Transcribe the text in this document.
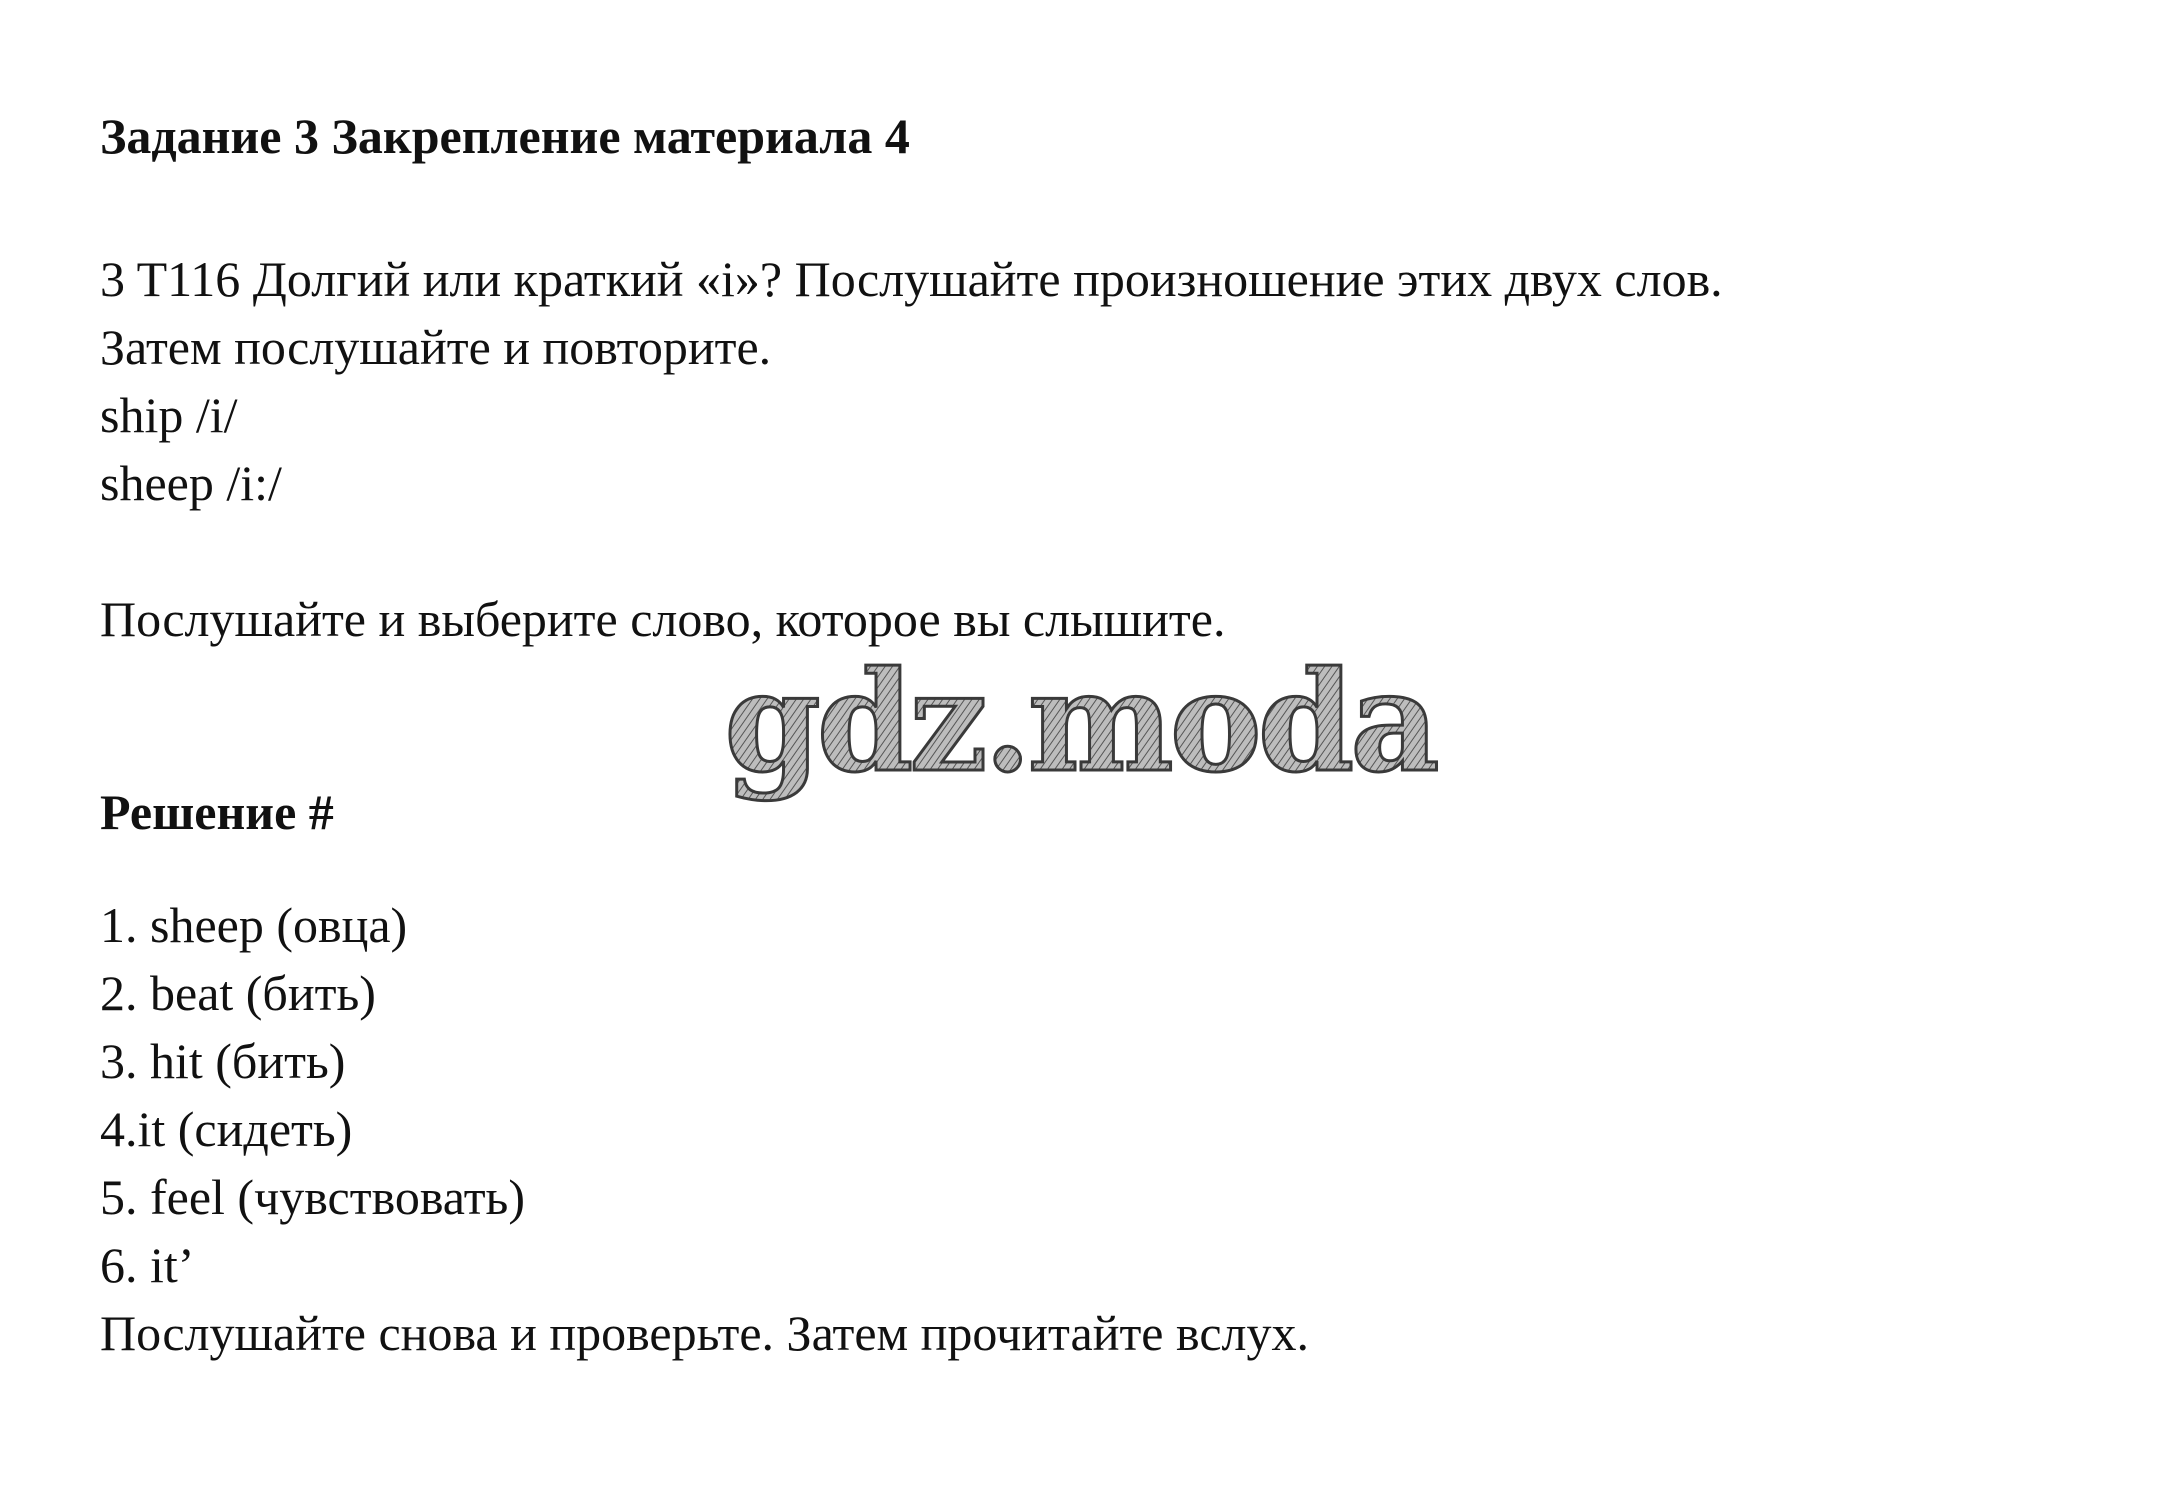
Задание 3 Закрепление материала 4

3 T116 Долгий или краткий «i»? Послушайте произношение этих двух слов.

Затем послушайте и повторите.

ship /i/

sheep /i:/

Послушайте и выберите слово, которое вы слышите.

gdz.moda
Решение #

1. sheep (овца)

2. beat (бить)

3. hit (бить)

4.it (сидеть)

5. feel (чувствовать)

6. it’

Послушайте снова и проверьте. Затем прочитайте вслух.
